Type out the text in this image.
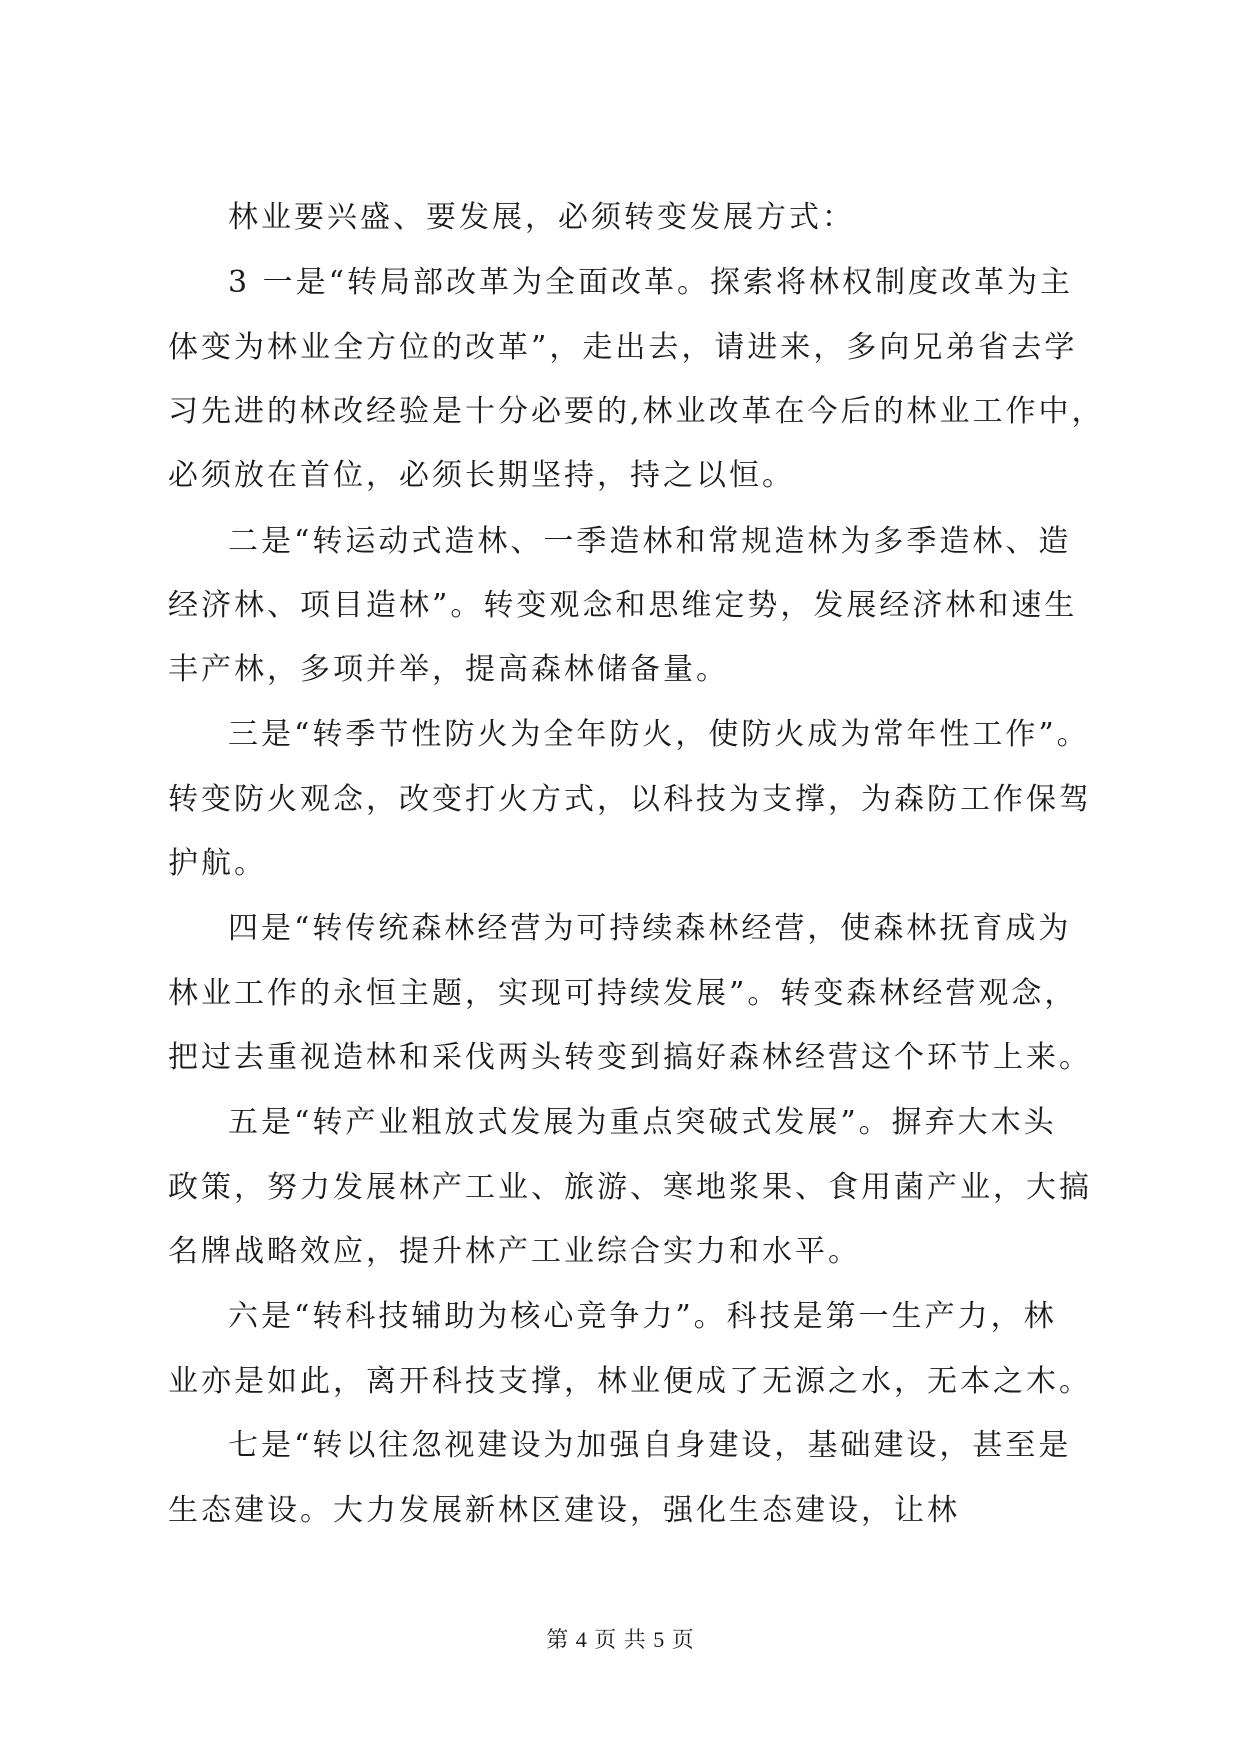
林业要兴盛、要发展，必须转变发展方式：
3 一是“转局部改革为全面改革。探索将林权制度改革为主
体变为林业全方位的改革”，走出去，请进来，多向兄弟省去学
习先进的林改经验是十分必要的,林业改革在今后的林业工作中，
必须放在首位，必须长期坚持，持之以恒。
二是“转运动式造林、一季造林和常规造林为多季造林、造
经济林、项目造林”。转变观念和思维定势，发展经济林和速生
丰产林，多项并举，提高森林储备量。
三是“转季节性防火为全年防火，使防火成为常年性工作”。
转变防火观念，改变打火方式，以科技为支撑，为森防工作保驾
护航。
四是“转传统森林经营为可持续森林经营，使森林抚育成为
林业工作的永恒主题，实现可持续发展”。转变森林经营观念，
把过去重视造林和采伐两头转变到搞好森林经营这个环节上来。
五是“转产业粗放式发展为重点突破式发展”。摒弃大木头
政策，努力发展林产工业、旅游、寒地浆果、食用菌产业，大搞
名牌战略效应，提升林产工业综合实力和水平。
六是“转科技辅助为核心竞争力”。科技是第一生产力，林
业亦是如此，离开科技支撑，林业便成了无源之水，无本之木。
七是“转以往忽视建设为加强自身建设，基础建设，甚至是
生态建设。大力发展新林区建设，强化生态建设，让林
第 4 页 共 5 页
